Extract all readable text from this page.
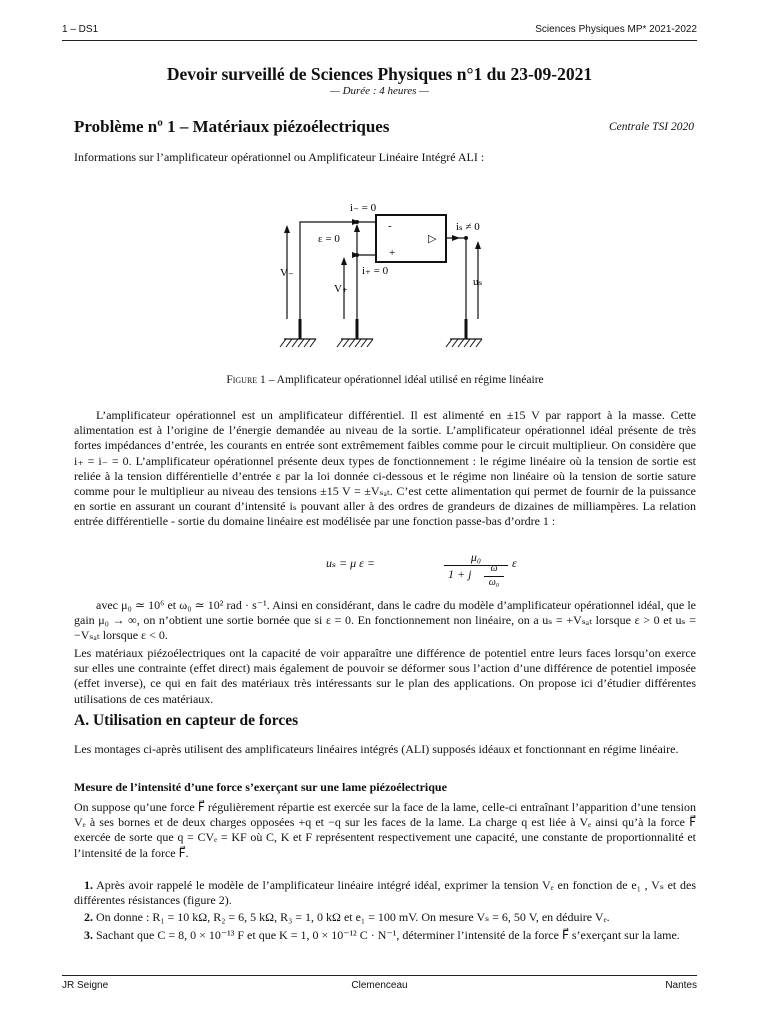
1 – DS1	Sciences Physiques MP* 2021-2022
Devoir surveillé de Sciences Physiques n°1 du 23-09-2021
— Durée : 4 heures —
Problème nº 1 – Matériaux piézoélectriques	Centrale TSI 2020
Informations sur l’amplificateur opérationnel ou Amplificateur Linéaire Intégré ALI :
i₋ = 0
ε = 0
-
+
▷
iₛ ≠ 0
i₊ = 0
V₋
V₊
uₛ
Figure 1 – Amplificateur opérationnel idéal utilisé en régime linéaire
L’amplificateur opérationnel est un amplificateur différentiel. Il est alimenté en ±15 V par rapport à la masse. Cette alimentation est à l’origine de l’énergie demandée au niveau de la sortie. L’amplificateur opérationnel idéal présente de très fortes impédances d’entrée, les courants en entrée sont extrêmement faibles comme pour le circuit multiplieur. On considère que i₊ = i₋ = 0. L’amplificateur opérationnel présente deux types de fonctionnement : le régime linéaire où la tension de sortie est reliée à la tension différentielle d’entrée ε par la loi donnée ci-dessous et le régime non linéaire où la tension de sortie sature comme pour le multiplieur au niveau des tensions ±15 V = ±Vₛₐₜ. C’est cette alimentation qui permet de fournir de la puissance en sortie en assurant un courant d’intensité iₛ pouvant aller à des ordres de grandeurs de dizaines de milliampères. La relation entrée différentielle - sortie du domaine linéaire est modélisée par une fonction passe-bas d’ordre 1 :
uₛ = μ ε =	μ₀
1 + j	ω
ω₀
ε
avec μ₀ ≃ 10⁶ et ω₀ ≃ 10² rad · s⁻¹. Ainsi en considérant, dans le cadre du modèle d’amplificateur opérationnel idéal, que le gain μ₀ → ∞, on n’obtient une sortie bornée que si ε = 0. En fonctionnement non linéaire, on a uₛ = +Vₛₐₜ lorsque ε > 0 et uₛ = −Vₛₐₜ lorsque ε < 0.
Les matériaux piézoélectriques ont la capacité de voir apparaître une différence de potentiel entre leurs faces lorsqu’on exerce sur elles une contrainte (effet direct) mais également de pouvoir se déformer sous l’action d’une différence de potentiel imposée (effet inverse), ce qui en fait des matériaux très intéressants sur le plan des applications. On propose ici d’étudier différentes utilisations de ces matériaux.
A. Utilisation en capteur de forces
Les montages ci-après utilisent des amplificateurs linéaires intégrés (ALI) supposés idéaux et fonctionnant en régime linéaire.
Mesure de l’intensité d’une force s’exerçant sur une lame piézoélectrique
On suppose qu’une force F⃗ régulièrement répartie est exercée sur la face de la lame, celle-ci entraînant l’apparition d’une tension Vₑ à ses bornes et de deux charges opposées +q et −q sur les faces de la lame. La charge q est liée à Vₑ ainsi qu’à la force F⃗ exercée de sorte que q = CVₑ = KF où C, K et F représentent respectivement une capacité, une constante de proportionnalité et l’intensité de la force F⃗.
1. Après avoir rappelé le modèle de l’amplificateur linéaire intégré idéal, exprimer la tension Vₑ en fonction de e₁ , Vₛ et des différentes résistances (figure 2).
2. On donne : R₁ = 10 kΩ, R₂ = 6, 5 kΩ, R₃ = 1, 0 kΩ et e₁ = 100 mV. On mesure Vₛ = 6, 50 V, en déduire Vₑ.
3. Sachant que C = 8, 0 × 10⁻¹³ F et que K = 1, 0 × 10⁻¹² C · N⁻¹, déterminer l’intensité de la force F⃗ s’exerçant sur la lame.
JR Seigne	Clemenceau	Nantes
